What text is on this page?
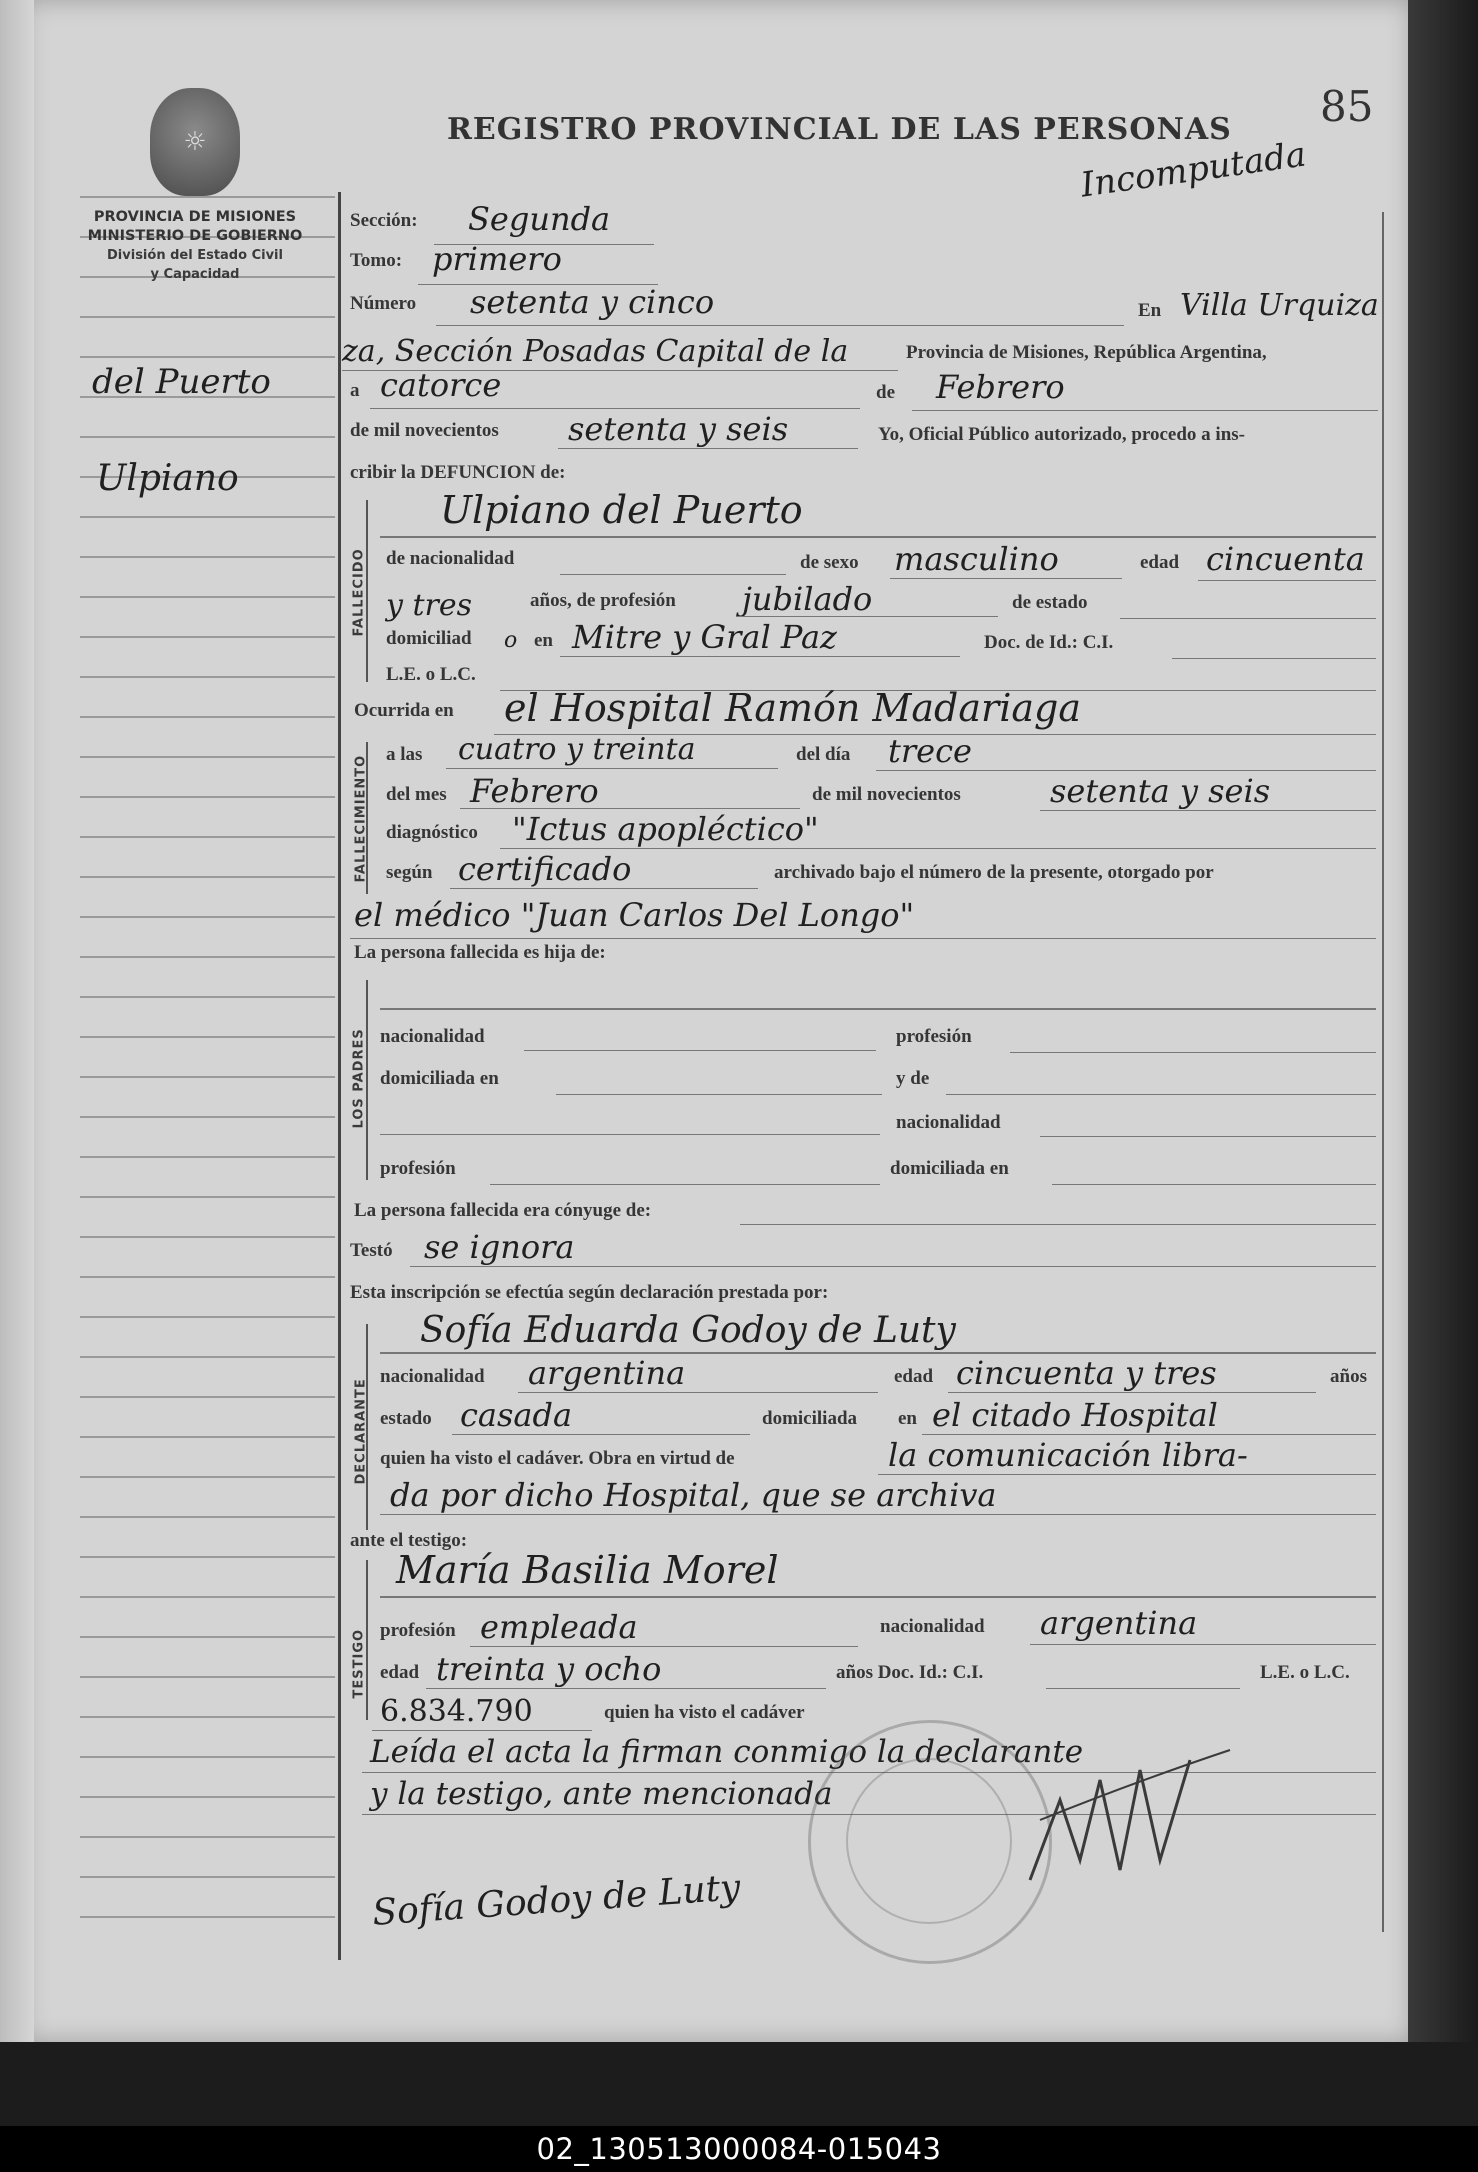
☼
PROVINCIA DE MISIONES
MINISTERIO DE GOBIERNO
División del Estado Civil
y Capacidad
REGISTRO PROVINCIAL DE LAS PERSONAS 85
Incomputada
del Puerto
Ulpiano
Sección: Segunda
Tomo: primero
Número setenta y cinco	En Villa Urquiza
za, Sección Posadas Capital de la	Provincia de Misiones, República Argentina,
a catorce	de Febrero
de mil novecientos setenta y seis	Yo, Oficial Público autorizado, procedo a ins-
cribir la DEFUNCION de:
FALLECIDO
Ulpiano del Puerto
de nacionalidad	de sexo masculino	edad cincuenta
y tres	años, de profesión jubilado	de estado
domiciliad o en Mitre y Gral Paz	Doc. de Id.: C.I.
L.E. o L.C.
Ocurrida en el Hospital Ramón Madariaga
FALLECIMIENTO
a las cuatro y treinta	del día trece
del mes Febrero	de mil novecientos	setenta y seis
diagnóstico "Ictus apopléctico"
según certificado	archivado bajo el número de la presente, otorgado por
el médico "Juan Carlos Del Longo"
La persona fallecida es hija de:
LOS PADRES nacionalidad	profesión
domiciliada en	y de
nacionalidad
profesión	domiciliada en
La persona fallecida era cónyuge de:
Testó se ignora
Esta inscripción se efectúa según declaración prestada por:
DECLARANTE
Sofía Eduarda Godoy de Luty
nacionalidad argentina	edad cincuenta y tres	años
estado casada	domiciliada en el citado Hospital
quien ha visto el cadáver. Obra en virtud de	la comunicación libra-
da por dicho Hospital, que se archiva
ante el testigo:
TESTIGO
María Basilia Morel
profesión empleada	nacionalidad argentina
edad treinta y ocho	años Doc. Id.: C.I.	L.E. o L.C.
6.834.790	quien ha visto el cadáver
Leída el acta la firman conmigo la declarante
y la testigo, ante mencionada
Sofía Godoy de Luty
02_130513000084-015043
